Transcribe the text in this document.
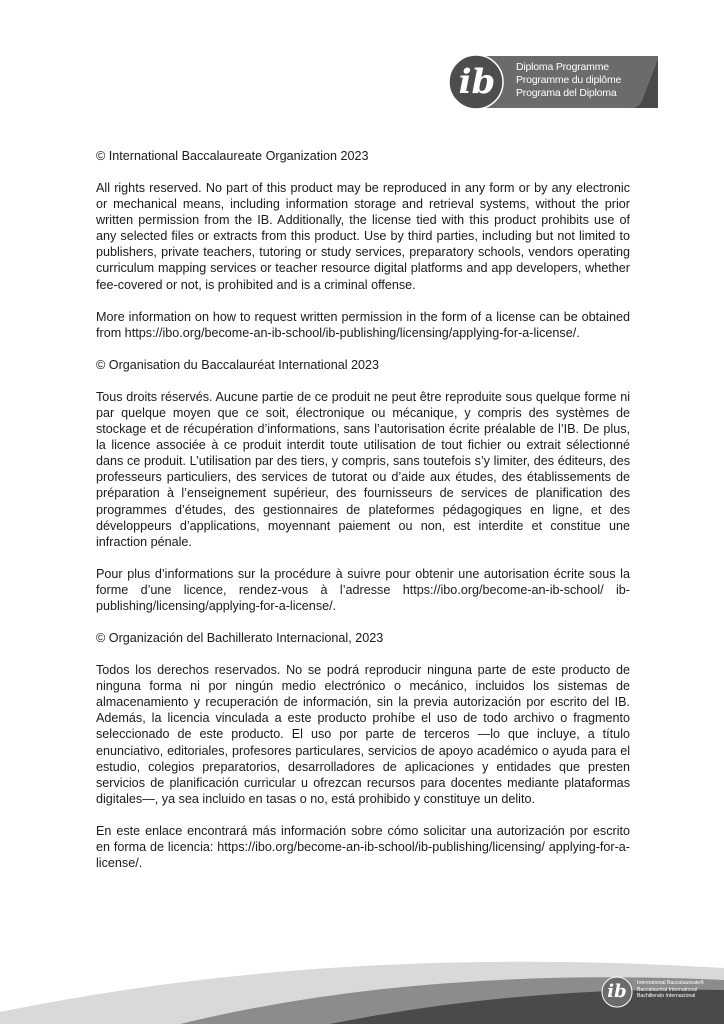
ib Diploma Programme
Programme du diplôme
Programa del Diploma

© International Baccalaureate Organization 2023

All rights reserved. No part of this product may be reproduced in any form or by any electronic or mechanical means, including information storage and retrieval systems, without the prior written permission from the IB. Additionally, the license tied with this product prohibits use of any selected files or extracts from this product. Use by third parties, including but not limited to publishers, private teachers, tutoring or study services, preparatory schools, vendors operating curriculum mapping services or teacher resource digital platforms and app developers, whether fee-covered or not, is prohibited and is a criminal offense.

More information on how to request written permission in the form of a license can be obtained from https://ibo.org/become-an-ib-school/ib-publishing/licensing/applying-for-a-license/.

© Organisation du Baccalauréat International 2023

Tous droits réservés. Aucune partie de ce produit ne peut être reproduite sous quelque forme ni par quelque moyen que ce soit, électronique ou mécanique, y compris des systèmes de stockage et de récupération d’informations, sans l’autorisation écrite préalable de l’IB. De plus, la licence associée à ce produit interdit toute utilisation de tout fichier ou extrait sélectionné dans ce produit. L’utilisation par des tiers, y compris, sans toutefois s’y limiter, des éditeurs, des professeurs particuliers, des services de tutorat ou d’aide aux études, des établissements de préparation à l’enseignement supérieur, des fournisseurs de services de planification des programmes d’études, des gestionnaires de plateformes pédagogiques en ligne, et des développeurs d’applications, moyennant paiement ou non, est interdite et constitue une infraction pénale.

Pour plus d’informations sur la procédure à suivre pour obtenir une autorisation écrite sous la forme d’une licence, rendez-vous à l’adresse https://ibo.org/become-an-ib-school/ ib-publishing/licensing/applying-for-a-license/.

© Organización del Bachillerato Internacional, 2023

Todos los derechos reservados. No se podrá reproducir ninguna parte de este producto de ninguna forma ni por ningún medio electrónico o mecánico, incluidos los sistemas de almacenamiento y recuperación de información, sin la previa autorización por escrito del IB. Además, la licencia vinculada a este producto prohíbe el uso de todo archivo o fragmento seleccionado de este producto. El uso por parte de terceros —lo que incluye, a título enunciativo, editoriales, profesores particulares, servicios de apoyo académico o ayuda para el estudio, colegios preparatorios, desarrolladores de aplicaciones y entidades que presten servicios de planificación curricular u ofrezcan recursos para docentes mediante plataformas digitales—, ya sea incluido en tasas o no, está prohibido y constituye un delito.

En este enlace encontrará más información sobre cómo solicitar una autorización por escrito en forma de licencia: https://ibo.org/become-an-ib-school/ib-publishing/licensing/ applying-for-a-license/.

ib	International Baccalaureate®
Baccalauréat International
Bachillerato Internacional
